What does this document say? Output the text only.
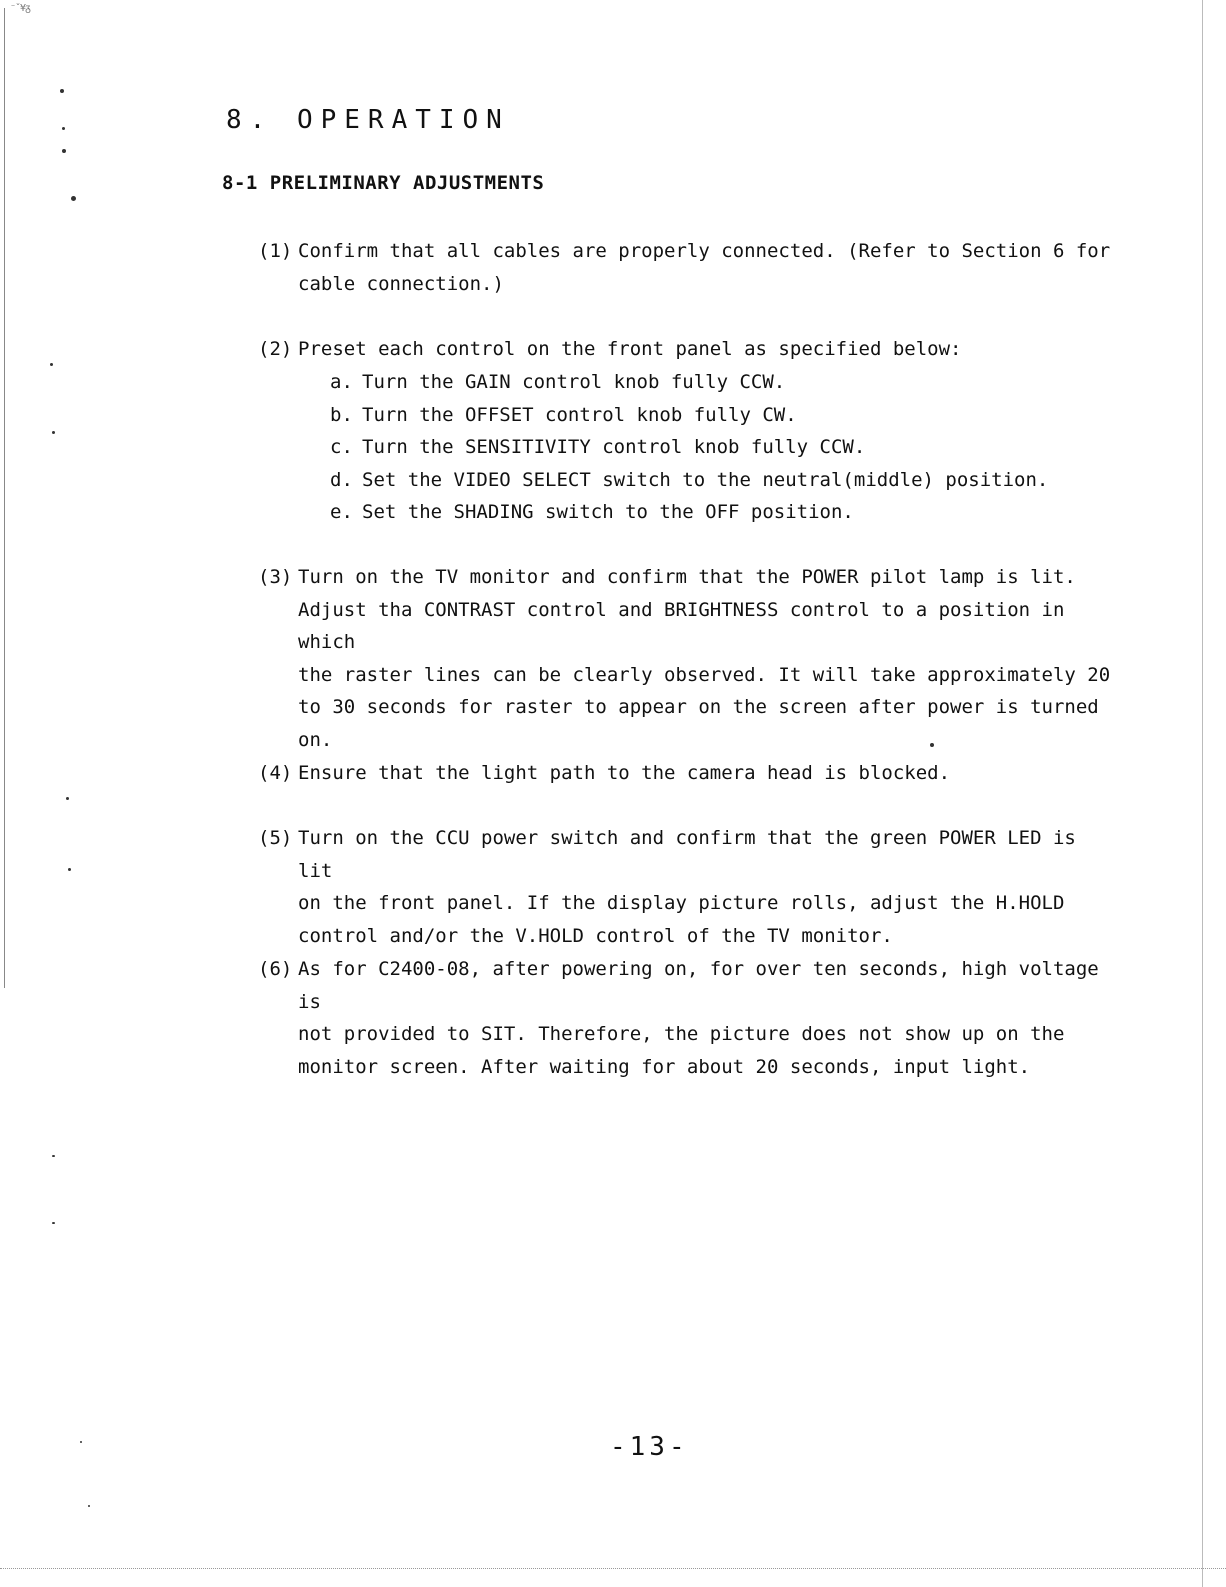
⁻ˇ¥ᵹ
8. OPERATION
8-1 PRELIMINARY ADJUSTMENTS
(1) Confirm that all cables are properly connected. (Refer to Section 6 for
cable connection.)
(2) Preset each control on the front panel as specified below:
a. Turn the GAIN control knob fully CCW.
b. Turn the OFFSET control knob fully CW.
c. Turn the SENSITIVITY control knob fully CCW.
d. Set the VIDEO SELECT switch to the neutral(middle) position.
e. Set the SHADING switch to the OFF position.
(3) Turn on the TV monitor and confirm that the POWER pilot lamp is lit.
Adjust tha CONTRAST control and BRIGHTNESS control to a position in which
the raster lines can be clearly observed. It will take approximately 20
to 30 seconds for raster to appear on the screen after power is turned
on.
(4) Ensure that the light path to the camera head is blocked.
(5) Turn on the CCU power switch and confirm that the green POWER LED is lit
on the front panel. If the display picture rolls, adjust the H.HOLD
control and/or the V.HOLD control of the TV monitor.
(6) As for C2400-08, after powering on, for over ten seconds, high voltage is
not provided to SIT. Therefore, the picture does not show up on the
monitor screen. After waiting for about 20 seconds, input light.
-13-
